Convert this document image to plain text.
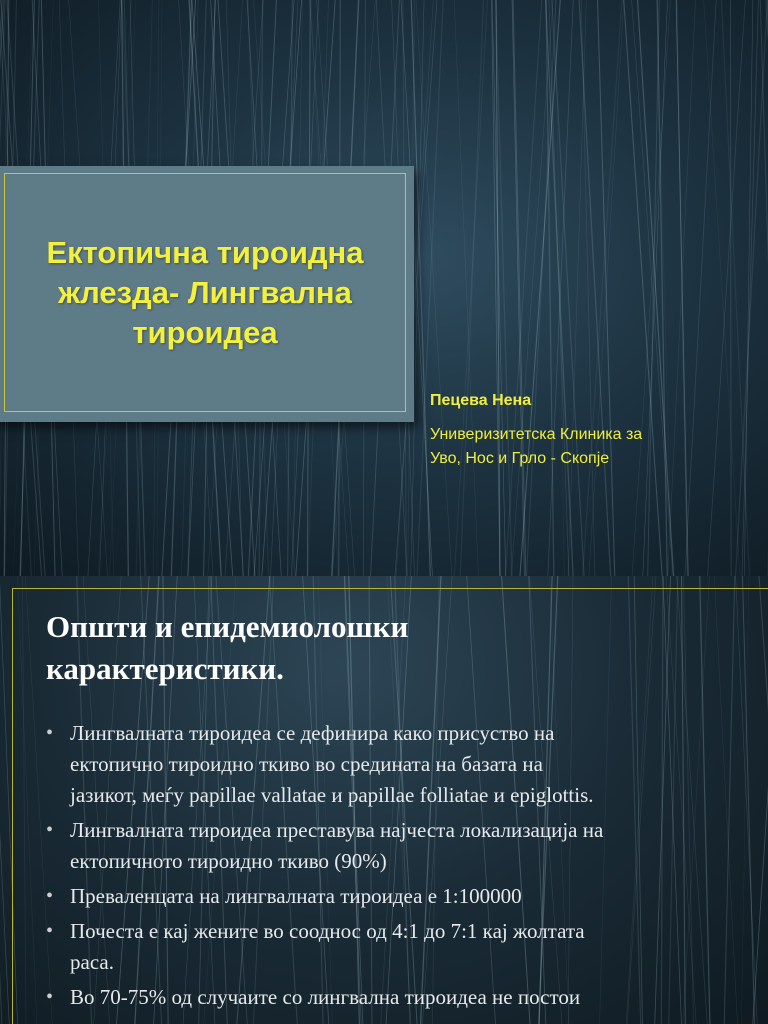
Ектопична тироидна
жлезда- Лингвална
тироидеа
Пецева Нена
Универизитетска Клиника за
Уво, Нос и Грло - Скопје
Општи и епидемиолошки
карактеристики.
• Лингвалната тироидеа се дефинира како присуство на
ектопично тироидно ткиво во средината на базата на
јазикот, меѓу papillae vallatae и papillae folliatae и epiglottis.
• Лингвалната тироидеа преставува најчеста локализација на
ектопичното тироидно ткиво (90%)
• Преваленцата на лингвалната тироидеа е 1:100000
• Почеста е кај жените во сооднос од 4:1 до 7:1 кај жолтата
раса.
• Во 70-75% од случаите со лингвална тироидеа не постои
